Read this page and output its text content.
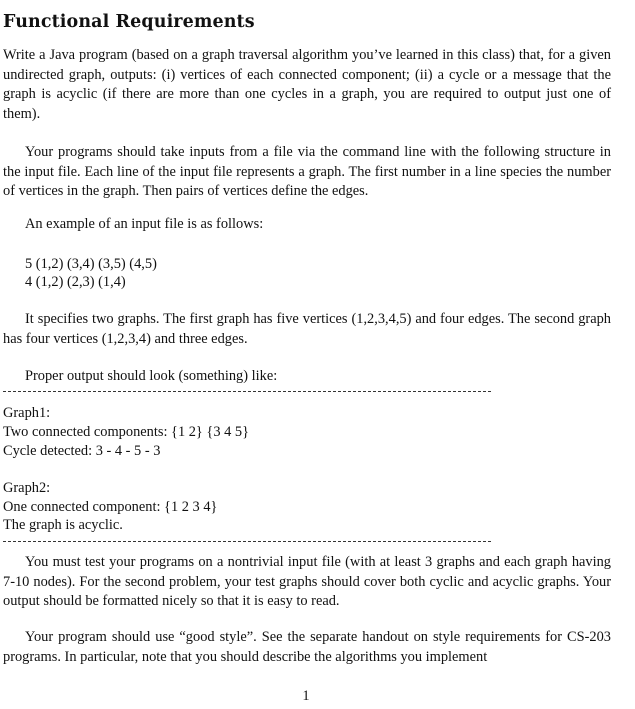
Functional Requirements

Write a Java program (based on a graph traversal algorithm you’ve learned in this class) that, for a given undirected graph, outputs: (i) vertices of each connected component; (ii) a cycle or a message that the graph is acyclic (if there are more than one cycles in a graph, you are required to output just one of them).

Your programs should take inputs from a file via the command line with the following structure in the input file. Each line of the input file represents a graph. The first number in a line species the number of vertices in the graph. Then pairs of vertices define the edges.

An example of an input file is as follows:

5 (1,2) (3,4) (3,5) (4,5)
4 (1,2) (2,3) (1,4)

It specifies two graphs. The first graph has five vertices (1,2,3,4,5) and four edges. The second graph has four vertices (1,2,3,4) and three edges.

Proper output should look (something) like:

Graph1:
Two connected components: {1 2} {3 4 5}
Cycle detected: 3 - 4 - 5 - 3
Graph2:
One connected component: {1 2 3 4}
The graph is acyclic.

You must test your programs on a nontrivial input file (with at least 3 graphs and each graph having 7-10 nodes). For the second problem, your test graphs should cover both cyclic and acyclic graphs. Your output should be formatted nicely so that it is easy to read.

Your program should use “good style”. See the separate handout on style requirements for CS-203 programs. In particular, note that you should describe the algorithms you implement

1
